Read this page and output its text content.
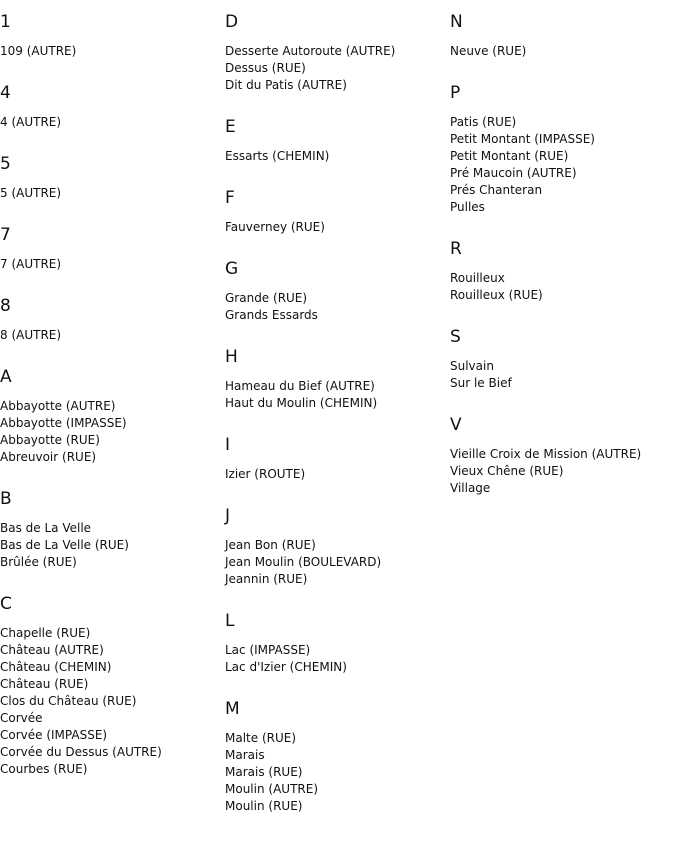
1
109 (AUTRE)
4
4 (AUTRE)
5
5 (AUTRE)
7
7 (AUTRE)
8
8 (AUTRE)
A
Abbayotte (AUTRE)
Abbayotte (IMPASSE)
Abbayotte (RUE)
Abreuvoir (RUE)
B
Bas de La Velle
Bas de La Velle (RUE)
Brûlée (RUE)
C
Chapelle (RUE)
Château (AUTRE)
Château (CHEMIN)
Château (RUE)
Clos du Château (RUE)
Corvée
Corvée (IMPASSE)
Corvée du Dessus (AUTRE)
Courbes (RUE)
D
Desserte Autoroute (AUTRE)
Dessus (RUE)
Dit du Patis (AUTRE)
E
Essarts (CHEMIN)
F
Fauverney (RUE)
G
Grande (RUE)
Grands Essards
H
Hameau du Bief (AUTRE)
Haut du Moulin (CHEMIN)
I
Izier (ROUTE)
J
Jean Bon (RUE)
Jean Moulin (BOULEVARD)
Jeannin (RUE)
L
Lac (IMPASSE)
Lac d'Izier (CHEMIN)
M
Malte (RUE)
Marais
Marais (RUE)
Moulin (AUTRE)
Moulin (RUE)
N
Neuve (RUE)
P
Patis (RUE)
Petit Montant (IMPASSE)
Petit Montant (RUE)
Pré Maucoin (AUTRE)
Prés Chanteran
Pulles
R
Rouilleux
Rouilleux (RUE)
S
Sulvain
Sur le Bief
V
Vieille Croix de Mission (AUTRE)
Vieux Chêne (RUE)
Village
